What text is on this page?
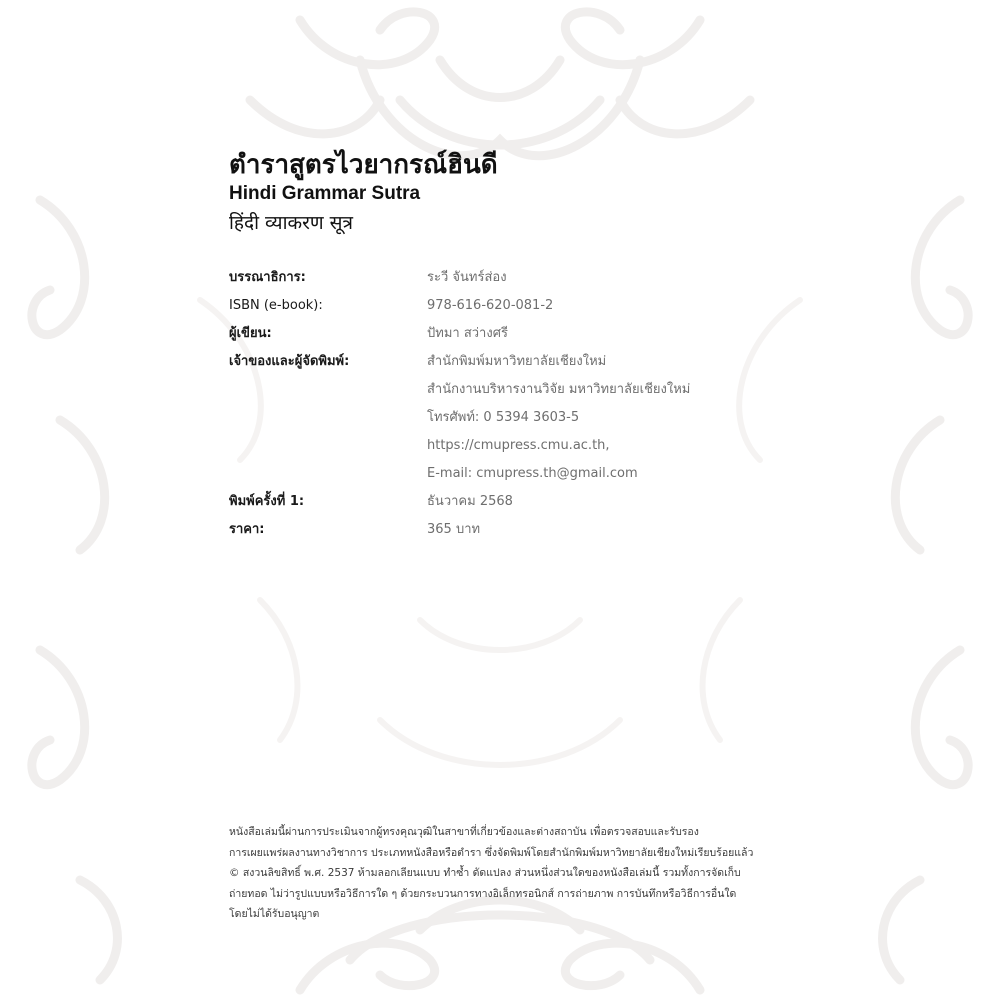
ตำราสูตรไวยากรณ์ฮินดี
Hindi Grammar Sutra
हिंदी व्याकरण सूत्र
บรรณาธิการ:	ระวี จันทร์ส่อง
ISBN (e-book):	978-616-620-081-2
ผู้เขียน:	ปัทมา สว่างศรี
เจ้าของและผู้จัดพิมพ์:	สำนักพิมพ์มหาวิทยาลัยเชียงใหม่
สำนักงานบริหารงานวิจัย มหาวิทยาลัยเชียงใหม่
โทรศัพท์: 0 5394 3603-5
https://cmupress.cmu.ac.th,
E-mail: cmupress.th@gmail.com
พิมพ์ครั้งที่ 1:	ธันวาคม 2568
ราคา:	365 บาท
หนังสือเล่มนี้ผ่านการประเมินจากผู้ทรงคุณวุฒิในสาขาที่เกี่ยวข้องและต่างสถาบัน เพื่อตรวจสอบและรับรอง
การเผยแพร่ผลงานทางวิชาการ ประเภทหนังสือหรือตำรา ซึ่งจัดพิมพ์โดยสำนักพิมพ์มหาวิทยาลัยเชียงใหม่เรียบร้อยแล้ว
© สงวนลิขสิทธิ์ พ.ศ. 2537 ห้ามลอกเลียนแบบ ทำซ้ำ ดัดแปลง ส่วนหนึ่งส่วนใดของหนังสือเล่มนี้ รวมทั้งการจัดเก็บ
ถ่ายทอด ไม่ว่ารูปแบบหรือวิธีการใด ๆ ด้วยกระบวนการทางอิเล็กทรอนิกส์ การถ่ายภาพ การบันทึกหรือวิธีการอื่นใด
โดยไม่ได้รับอนุญาต
